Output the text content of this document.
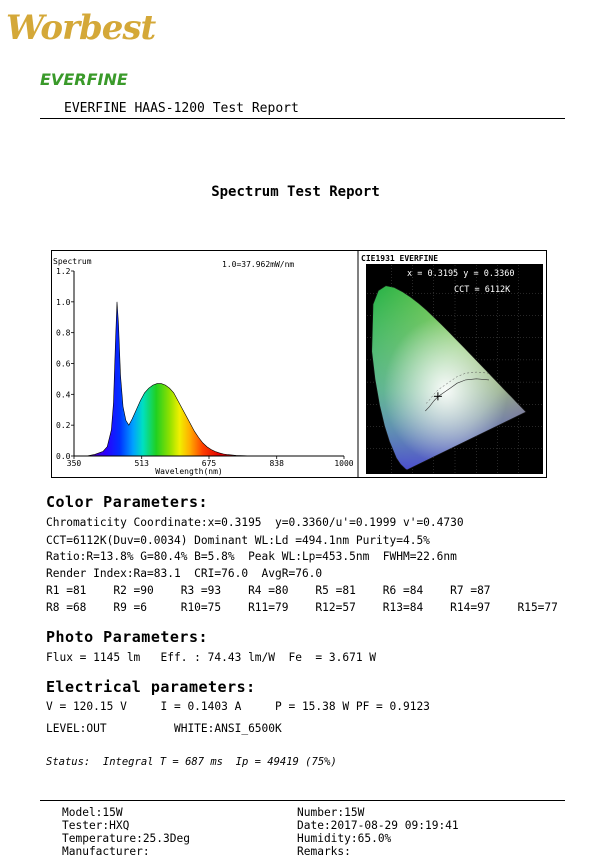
Worbest
EVERFINE
EVERFINE HAAS-1200 Test Report
Spectrum Test Report
Spectrum	1.0=37.962mW/nm
0.0
0.2
0.4
0.6
0.8
1.0
1.2
350	513	675	838	1000
Wavelength(nm)
CIE1931 EVERFINE
x = 0.3195 y = 0.3360
CCT = 6112K
Color Parameters:
Chromaticity Coordinate:x=0.3195  y=0.3360/u'=0.1999 v'=0.4730
CCT=6112K(Duv=0.0034) Dominant WL:Ld =494.1nm Purity=4.5%
Ratio:R=13.8% G=80.4% B=5.8%  Peak WL:Lp=453.5nm  FWHM=22.6nm
Render Index:Ra=83.1  CRI=76.0  AvgR=76.0
R1 =81    R2 =90    R3 =93    R4 =80    R5 =81    R6 =84    R7 =87
R8 =68    R9 =6     R10=75    R11=79    R12=57    R13=84    R14=97    R15=77
Photo Parameters:
Flux = 1145 lm   Eff. : 74.43 lm/W  Fe  = 3.671 W
Electrical parameters:
V = 120.15 V     I = 0.1403 A     P = 15.38 W PF = 0.9123
LEVEL:OUT          WHITE:ANSI_6500K
Status:  Integral T = 687 ms  Ip = 49419 (75%)
Model:15W	Number:15W
Tester:HXQ	Date:2017-08-29 09:19:41
Temperature:25.3Deg	Humidity:65.0%
Manufacturer:	Remarks:
